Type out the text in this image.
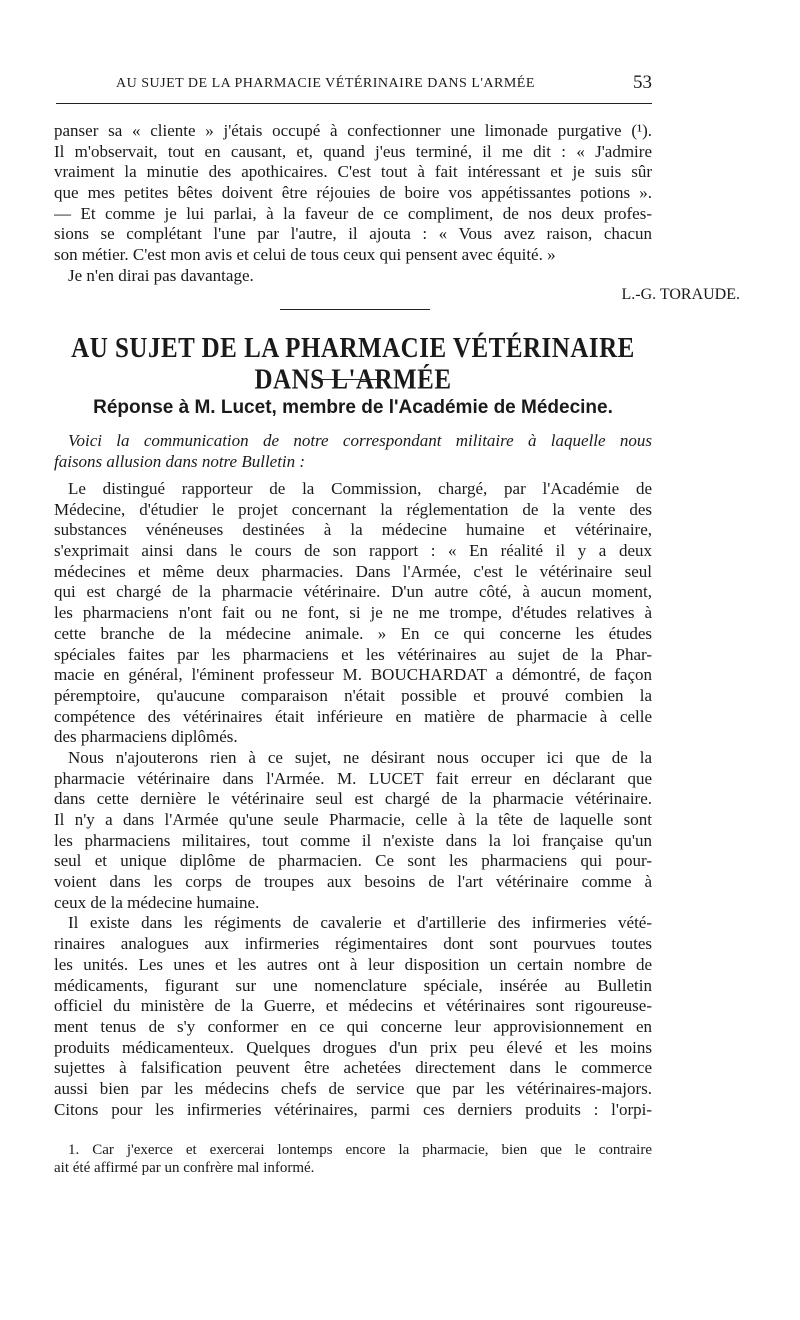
AU SUJET DE LA PHARMACIE VÉTÉRINAIRE DANS L'ARMÉE	53
panser sa « cliente » j'étais occupé à confectionner une limonade purgative (¹).
Il m'observait, tout en causant, et, quand j'eus terminé, il me dit : « J'admire
vraiment la minutie des apothicaires. C'est tout à fait intéressant et je suis sûr
que mes petites bêtes doivent être réjouies de boire vos appétissantes potions ».
— Et comme je lui parlai, à la faveur de ce compliment, de nos deux profes-
sions se complétant l'une par l'autre, il ajouta : « Vous avez raison, chacun
son métier. C'est mon avis et celui de tous ceux qui pensent avec équité. »
Je n'en dirai pas davantage.
L.-G. TORAUDE.
AU SUJET DE LA PHARMACIE VÉTÉRINAIRE DANS L'ARMÉE
Réponse à M. Lucet, membre de l'Académie de Médecine.
Voici la communication de notre correspondant militaire à laquelle nous
faisons allusion dans notre Bulletin :
Le distingué rapporteur de la Commission, chargé, par l'Académie de
Médecine, d'étudier le projet concernant la réglementation de la vente des
substances vénéneuses destinées à la médecine humaine et vétérinaire,
s'exprimait ainsi dans le cours de son rapport : « En réalité il y a deux
médecines et même deux pharmacies. Dans l'Armée, c'est le vétérinaire seul
qui est chargé de la pharmacie vétérinaire. D'un autre côté, à aucun moment,
les pharmaciens n'ont fait ou ne font, si je ne me trompe, d'études relatives à
cette branche de la médecine animale. » En ce qui concerne les études
spéciales faites par les pharmaciens et les vétérinaires au sujet de la Phar-
macie en général, l'éminent professeur M. BOUCHARDAT a démontré, de façon
péremptoire, qu'aucune comparaison n'était possible et prouvé combien la
compétence des vétérinaires était inférieure en matière de pharmacie à celle
des pharmaciens diplômés.
Nous n'ajouterons rien à ce sujet, ne désirant nous occuper ici que de la
pharmacie vétérinaire dans l'Armée. M. LUCET fait erreur en déclarant que
dans cette dernière le vétérinaire seul est chargé de la pharmacie vétérinaire.
Il n'y a dans l'Armée qu'une seule Pharmacie, celle à la tête de laquelle sont
les pharmaciens militaires, tout comme il n'existe dans la loi française qu'un
seul et unique diplôme de pharmacien. Ce sont les pharmaciens qui pour-
voient dans les corps de troupes aux besoins de l'art vétérinaire comme à
ceux de la médecine humaine.
Il existe dans les régiments de cavalerie et d'artillerie des infirmeries vété-
rinaires analogues aux infirmeries régimentaires dont sont pourvues toutes
les unités. Les unes et les autres ont à leur disposition un certain nombre de
médicaments, figurant sur une nomenclature spéciale, insérée au Bulletin
officiel du ministère de la Guerre, et médecins et vétérinaires sont rigoureuse-
ment tenus de s'y conformer en ce qui concerne leur approvisionnement en
produits médicamenteux. Quelques drogues d'un prix peu élevé et les moins
sujettes à falsification peuvent être achetées directement dans le commerce
aussi bien par les médecins chefs de service que par les vétérinaires-majors.
Citons pour les infirmeries vétérinaires, parmi ces derniers produits : l'orpi-
1. Car j'exerce et exercerai lontemps encore la pharmacie, bien que le contraire
ait été affirmé par un confrère mal informé.
